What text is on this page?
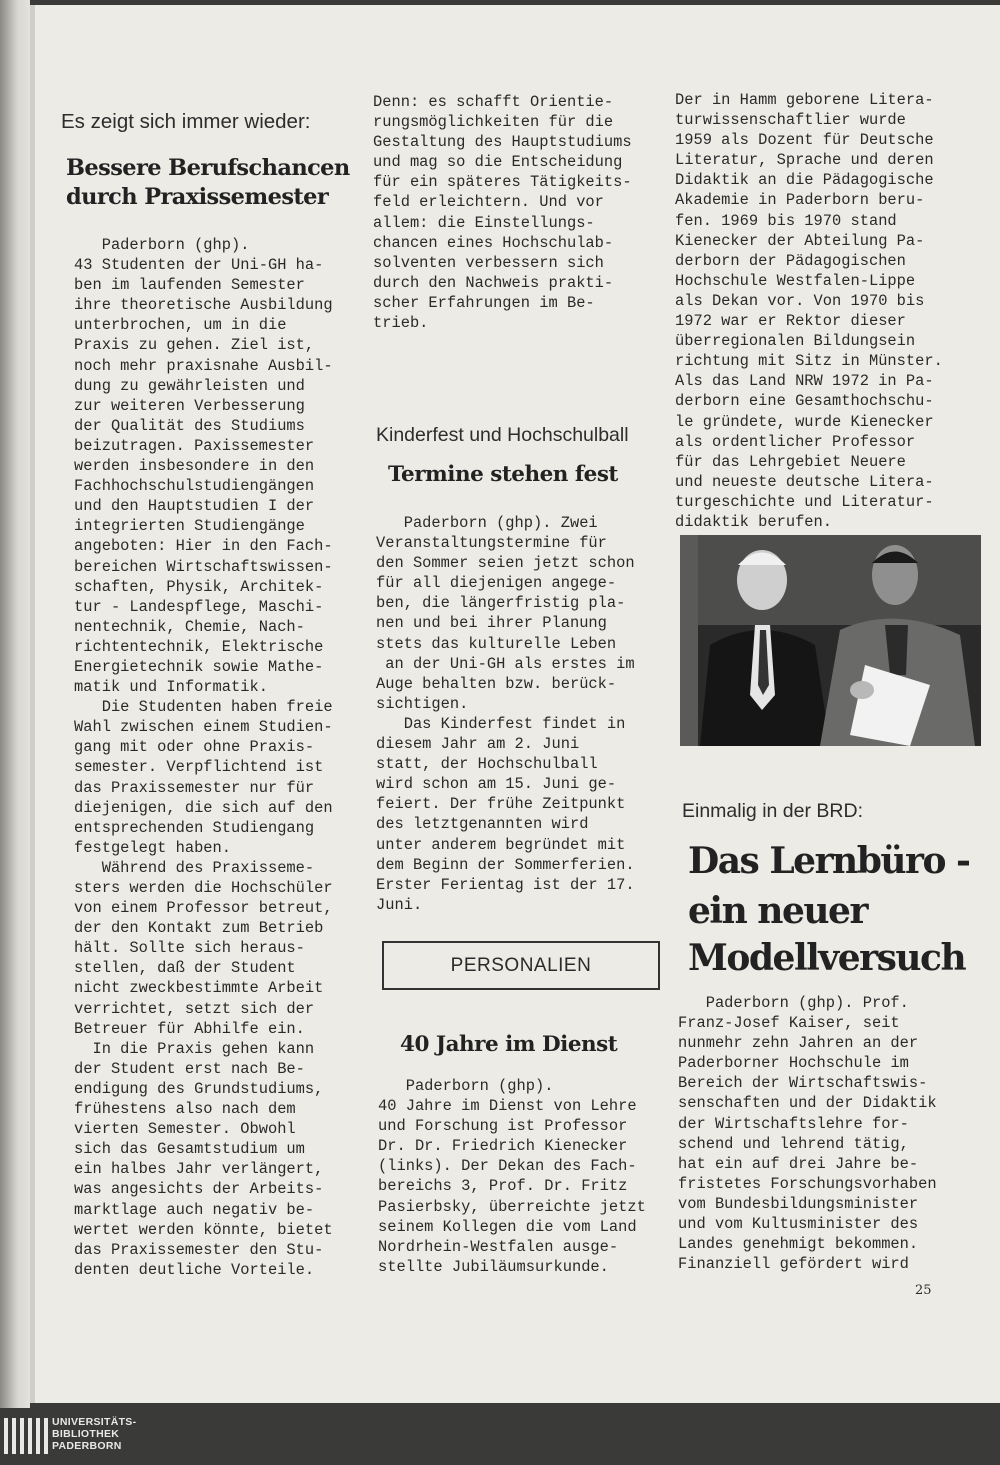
Es zeigt sich immer wieder:
Bessere Berufschancen
durch Praxissemester
Paderborn (ghp).
43 Studenten der Uni-GH ha-
ben im laufenden Semester
ihre theoretische Ausbildung
unterbrochen, um in die
Praxis zu gehen. Ziel ist,
noch mehr praxisnahe Ausbil-
dung zu gewährleisten und
zur weiteren Verbesserung
der Qualität des Studiums
beizutragen. Paxissemester
werden insbesondere in den
Fachhochschulstudiengängen
und den Hauptstudien I der
integrierten Studiengänge
angeboten: Hier in den Fach-
bereichen Wirtschaftswissen-
schaften, Physik, Architek-
tur - Landespflege, Maschi-
nentechnik, Chemie, Nach-
richtentechnik, Elektrische
Energietechnik sowie Mathe-
matik und Informatik.
Die Studenten haben freie
Wahl zwischen einem Studien-
gang mit oder ohne Praxis-
semester. Verpflichtend ist
das Praxissemester nur für
diejenigen, die sich auf den
entsprechenden Studiengang
festgelegt haben.
Während des Praxisseme-
sters werden die Hochschüler
von einem Professor betreut,
der den Kontakt zum Betrieb
hält. Sollte sich heraus-
stellen, daß der Student
nicht zweckbestimmte Arbeit
verrichtet, setzt sich der
Betreuer für Abhilfe ein.
In die Praxis gehen kann
der Student erst nach Be-
endigung des Grundstudiums,
frühestens also nach dem
vierten Semester. Obwohl
sich das Gesamtstudium um
ein halbes Jahr verlängert,
was angesichts der Arbeits-
marktlage auch negativ be-
wertet werden könnte, bietet
das Praxissemester den Stu-
denten deutliche Vorteile.
Denn: es schafft Orientie-
rungsmöglichkeiten für die
Gestaltung des Hauptstudiums
und mag so die Entscheidung
für ein späteres Tätigkeits-
feld erleichtern. Und vor
allem: die Einstellungs-
chancen eines Hochschulab-
solventen verbessern sich
durch den Nachweis prakti-
scher Erfahrungen im Be-
trieb.
Kinderfest und Hochschulball
Termine stehen fest
Paderborn (ghp). Zwei
Veranstaltungstermine für
den Sommer seien jetzt schon
für all diejenigen angege-
ben, die längerfristig pla-
nen und bei ihrer Planung
stets das kulturelle Leben
an der Uni-GH als erstes im
Auge behalten bzw. berück-
sichtigen.
Das Kinderfest findet in
diesem Jahr am 2. Juni
statt, der Hochschulball
wird schon am 15. Juni ge-
feiert. Der frühe Zeitpunkt
des letztgenannten wird
unter anderem begründet mit
dem Beginn der Sommerferien.
Erster Ferientag ist der 17.
Juni.
PERSONALIEN
40 Jahre im Dienst
Paderborn (ghp).
40 Jahre im Dienst von Lehre
und Forschung ist Professor
Dr. Dr. Friedrich Kienecker
(links). Der Dekan des Fach-
bereichs 3, Prof. Dr. Fritz
Pasierbsky, überreichte jetzt
seinem Kollegen die vom Land
Nordrhein-Westfalen ausge-
stellte Jubiläumsurkunde.
Der in Hamm geborene Litera-
turwissenschaftlier wurde
1959 als Dozent für Deutsche
Literatur, Sprache und deren
Didaktik an die Pädagogische
Akademie in Paderborn beru-
fen. 1969 bis 1970 stand
Kienecker der Abteilung Pa-
derborn der Pädagogischen
Hochschule Westfalen-Lippe
als Dekan vor. Von 1970 bis
1972 war er Rektor dieser
überregionalen Bildungsein
richtung mit Sitz in Münster.
Als das Land NRW 1972 in Pa-
derborn eine Gesamthochschu-
le gründete, wurde Kienecker
als ordentlicher Professor
für das Lehrgebiet Neuere
und neueste deutsche Litera-
turgeschichte und Literatur-
didaktik berufen.
Einmalig in der BRD:
Das Lernbüro -
ein neuer
Modellversuch
Paderborn (ghp). Prof.
Franz-Josef Kaiser, seit
nunmehr zehn Jahren an der
Paderborner Hochschule im
Bereich der Wirtschaftswis-
senschaften und der Didaktik
der Wirtschaftslehre for-
schend und lehrend tätig,
hat ein auf drei Jahre be-
fristetes Forschungsvorhaben
vom Bundesbildungsminister
und vom Kultusminister des
Landes genehmigt bekommen.
Finanziell gefördert wird
25
UNIVERSITÄTS-
BIBLIOTHEK
PADERBORN
